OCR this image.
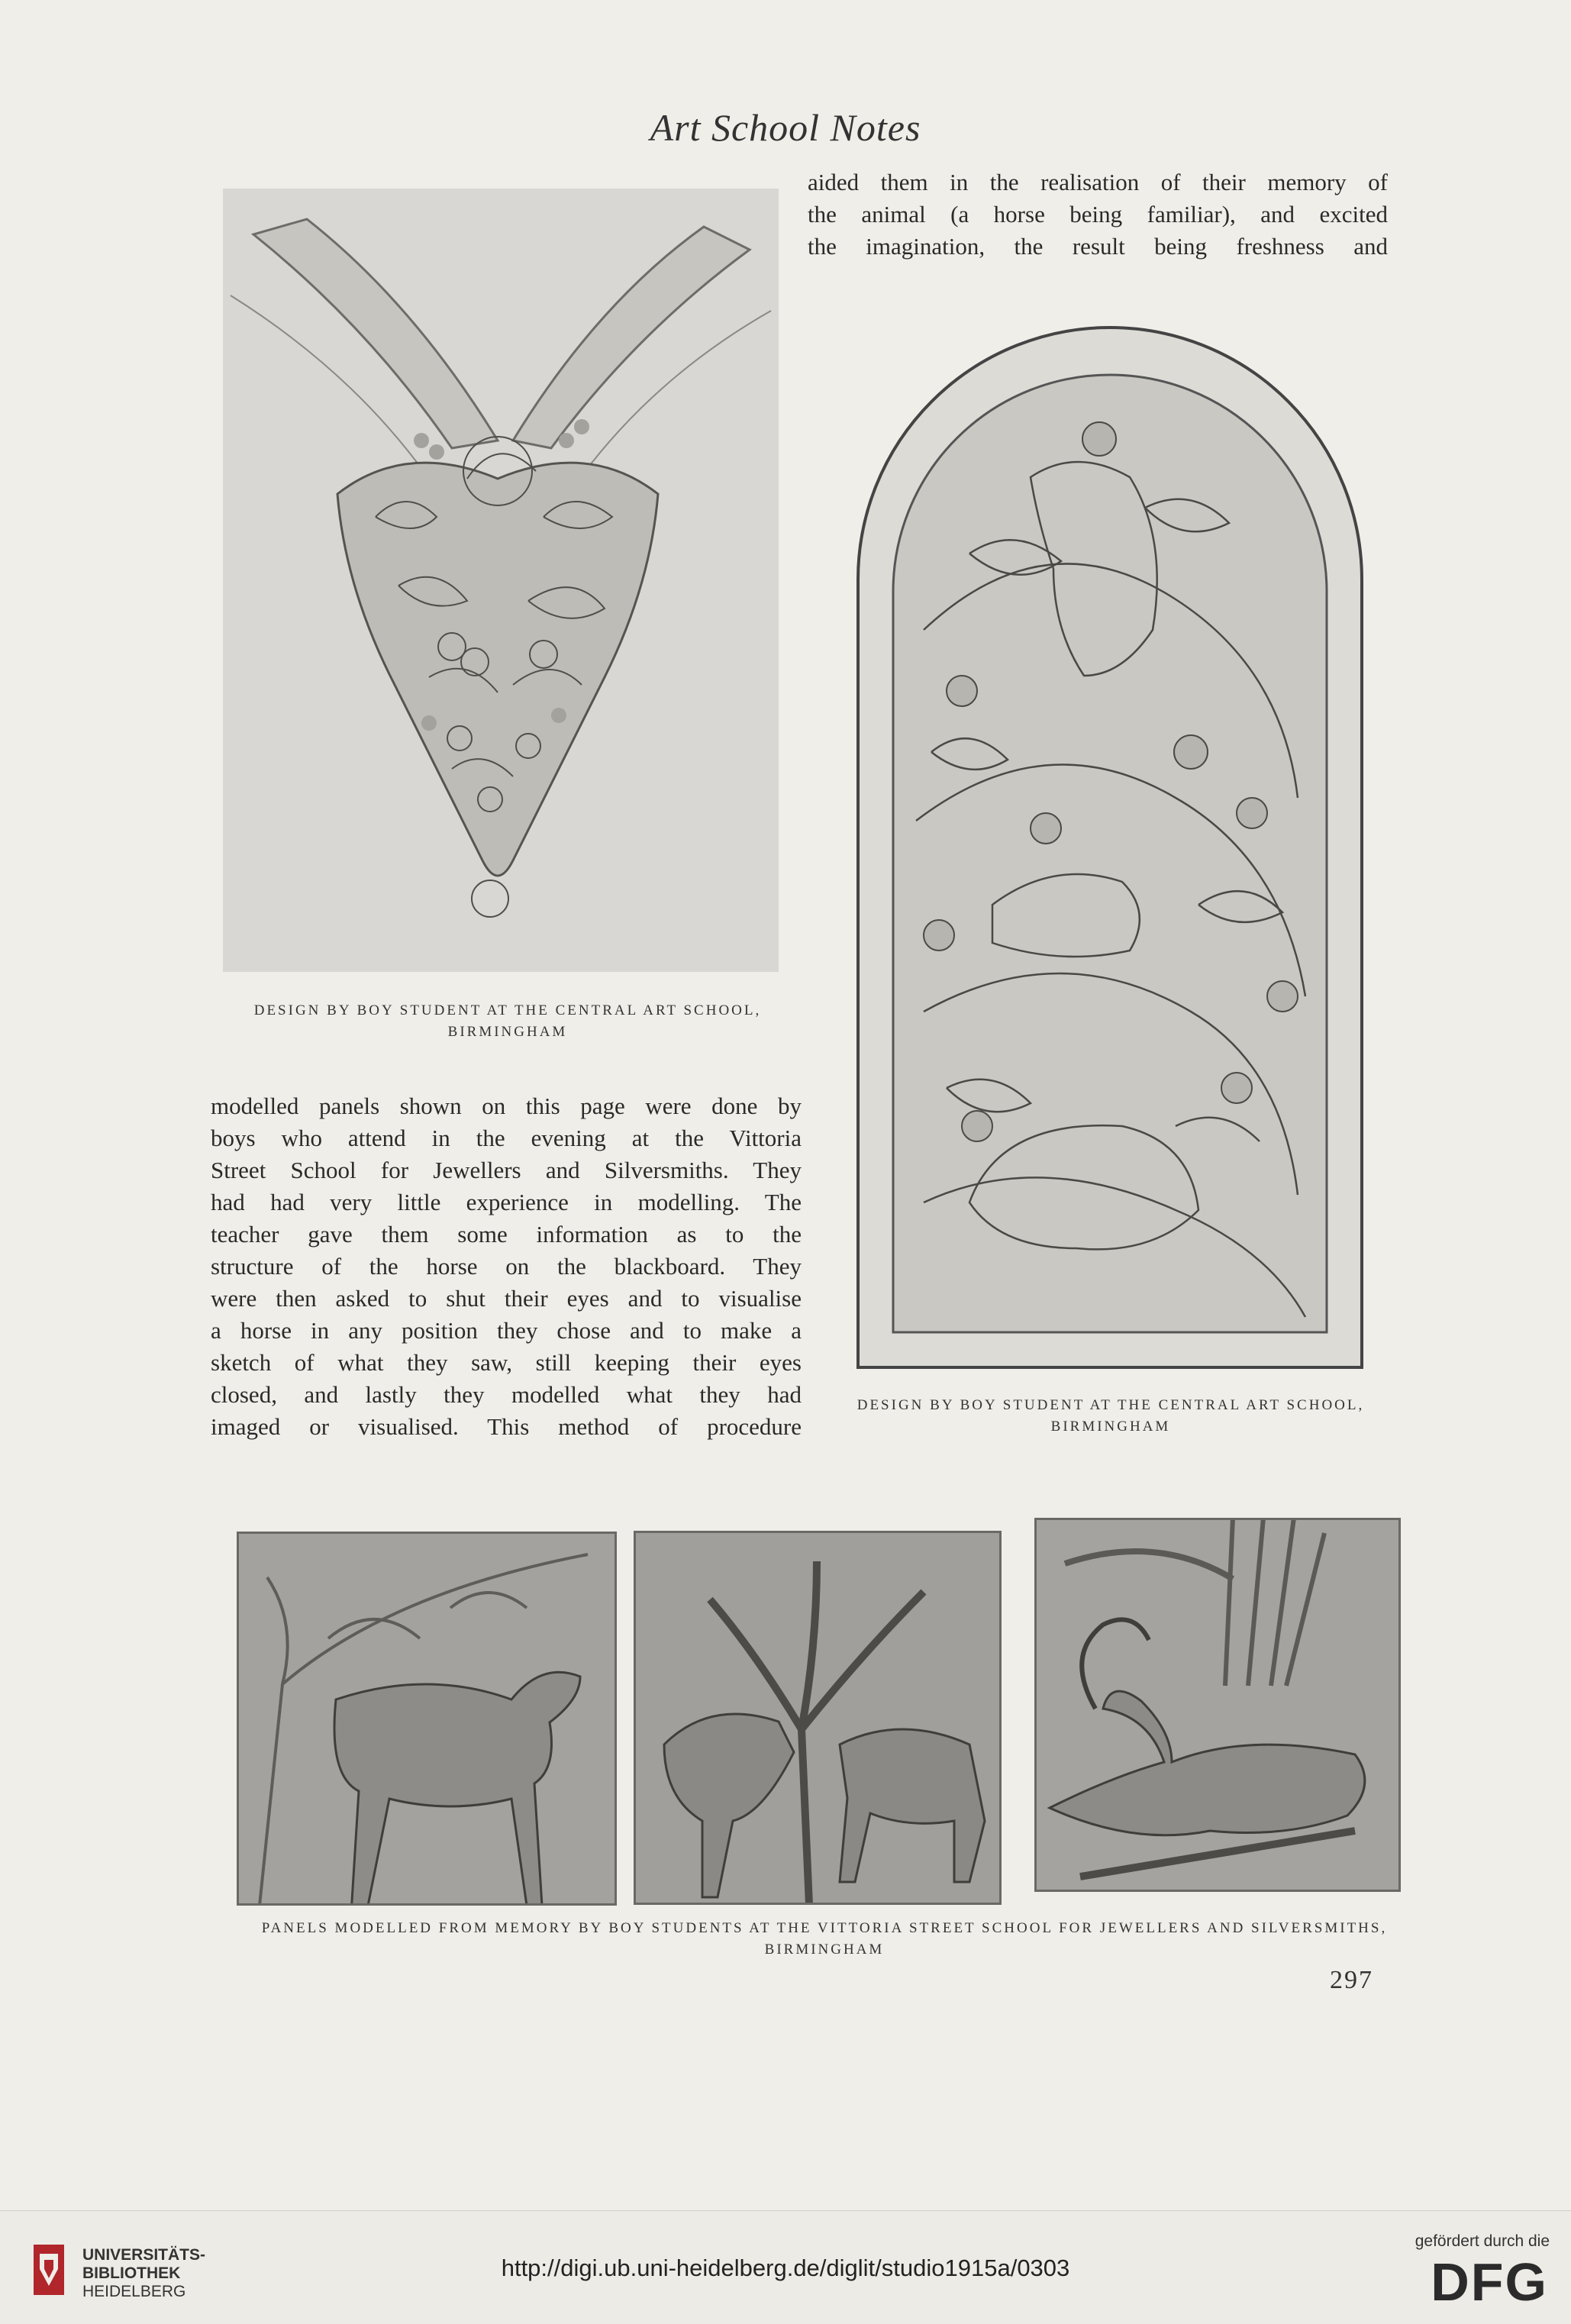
Art School Notes
DESIGN BY BOY STUDENT AT THE CENTRAL ART SCHOOL, BIRMINGHAM
aided them in the realisation of their memory of
the animal (a horse being familiar), and excited
the imagination, the result being freshness and
DESIGN BY BOY STUDENT AT THE CENTRAL ART SCHOOL, BIRMINGHAM
modelled panels shown on this page were done by
boys who attend in the evening at the Vittoria
Street School for Jewellers and Silversmiths. They
had had very little experience in modelling. The
teacher gave them some information as to the
structure of the horse on the blackboard. They
were then asked to shut their eyes and to visualise
a horse in any position they chose and to make a
sketch of what they saw, still keeping their eyes
closed, and lastly they modelled what they had
imaged or visualised. This method of procedure
PANELS MODELLED FROM MEMORY BY BOY STUDENTS AT THE VITTORIA STREET SCHOOL FOR JEWELLERS AND SILVERSMITHS, BIRMINGHAM
297
UNIVERSITÄTS-
BIBLIOTHEK
HEIDELBERG
http://digi.ub.uni-heidelberg.de/diglit/studio1915a/0303
gefördert durch die
DFG
